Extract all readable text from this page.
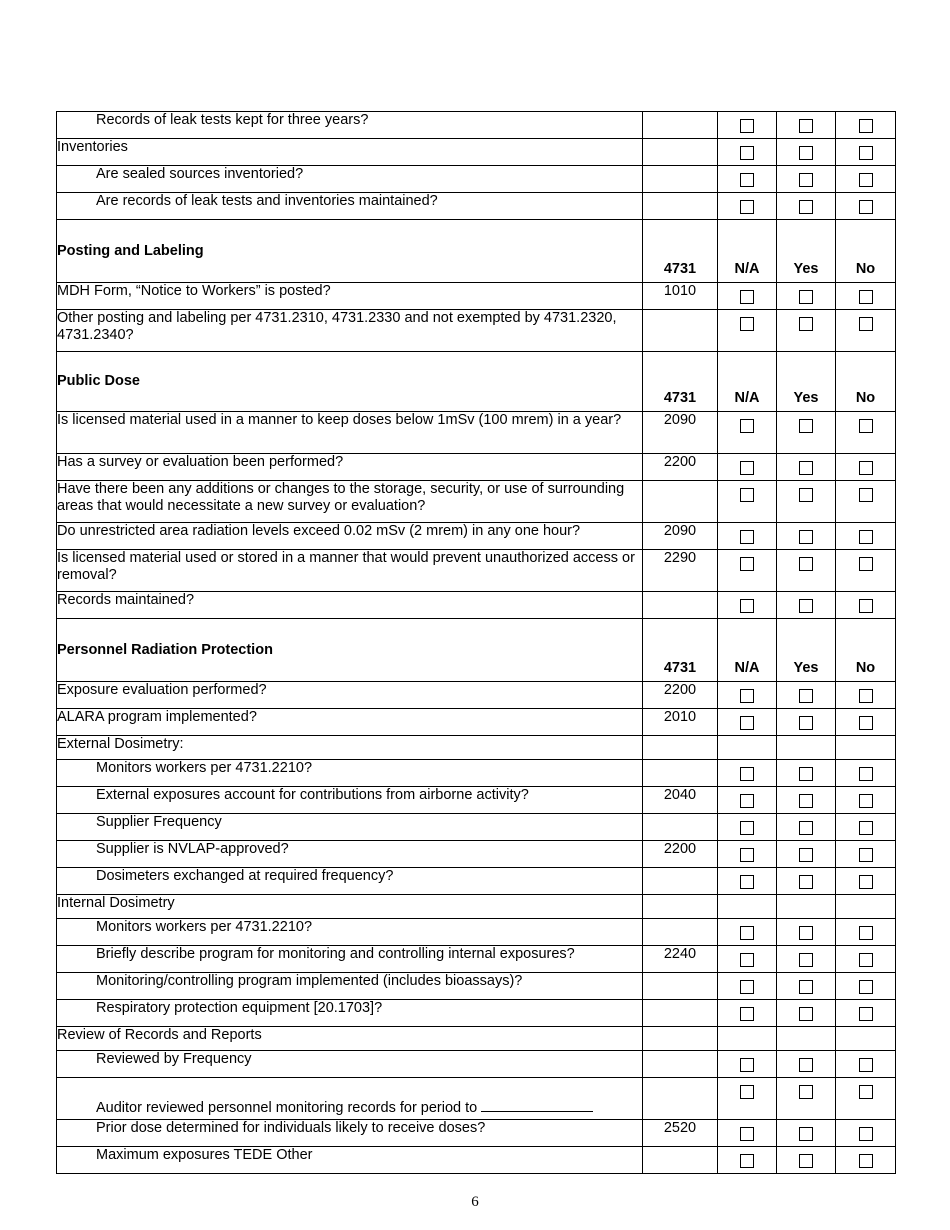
Records of leak tests kept for three years?				
Inventories				
Are sealed sources inventoried?				
Are records of leak tests and inventories maintained?				
Posting and Labeling	4731	N/A	Yes	No
MDH Form, “Notice to Workers” is posted?	1010			
Other posting and labeling per 4731.2310, 4731.2330 and not exempted by 4731.2320, 4731.2340?				
Public Dose	4731	N/A	Yes	No
Is licensed material used in a manner to keep doses below 1mSv (100 mrem) in a year?	2090			
Has a survey or evaluation been performed?	2200			
Have there been any additions or changes to the storage, security, or use of surrounding areas that would necessitate a new survey or evaluation?				
Do unrestricted area radiation levels exceed 0.02 mSv (2 mrem) in any one hour?	2090			
Is licensed material used or stored in a manner that would prevent unauthorized access or removal?	2290			
Records maintained?				
Personnel Radiation Protection	4731	N/A	Yes	No
Exposure evaluation performed?	2200			
ALARA program implemented?	2010			
External Dosimetry:				
Monitors workers per 4731.2210?				
External exposures account for contributions from airborne activity?	2040			
Supplier Frequency				
Supplier is NVLAP-approved?	2200			
Dosimeters exchanged at required frequency?				
Internal Dosimetry				
Monitors workers per 4731.2210?				
Briefly describe program for monitoring and controlling internal exposures?	2240			
Monitoring/controlling program implemented (includes bioassays)?				
Respiratory protection equipment [20.1703]?				
Review of Records and Reports				
Reviewed by Frequency				
Auditor reviewed personnel monitoring records for period to				
Prior dose determined for individuals likely to receive doses?	2520			
Maximum exposures TEDE Other				
6
